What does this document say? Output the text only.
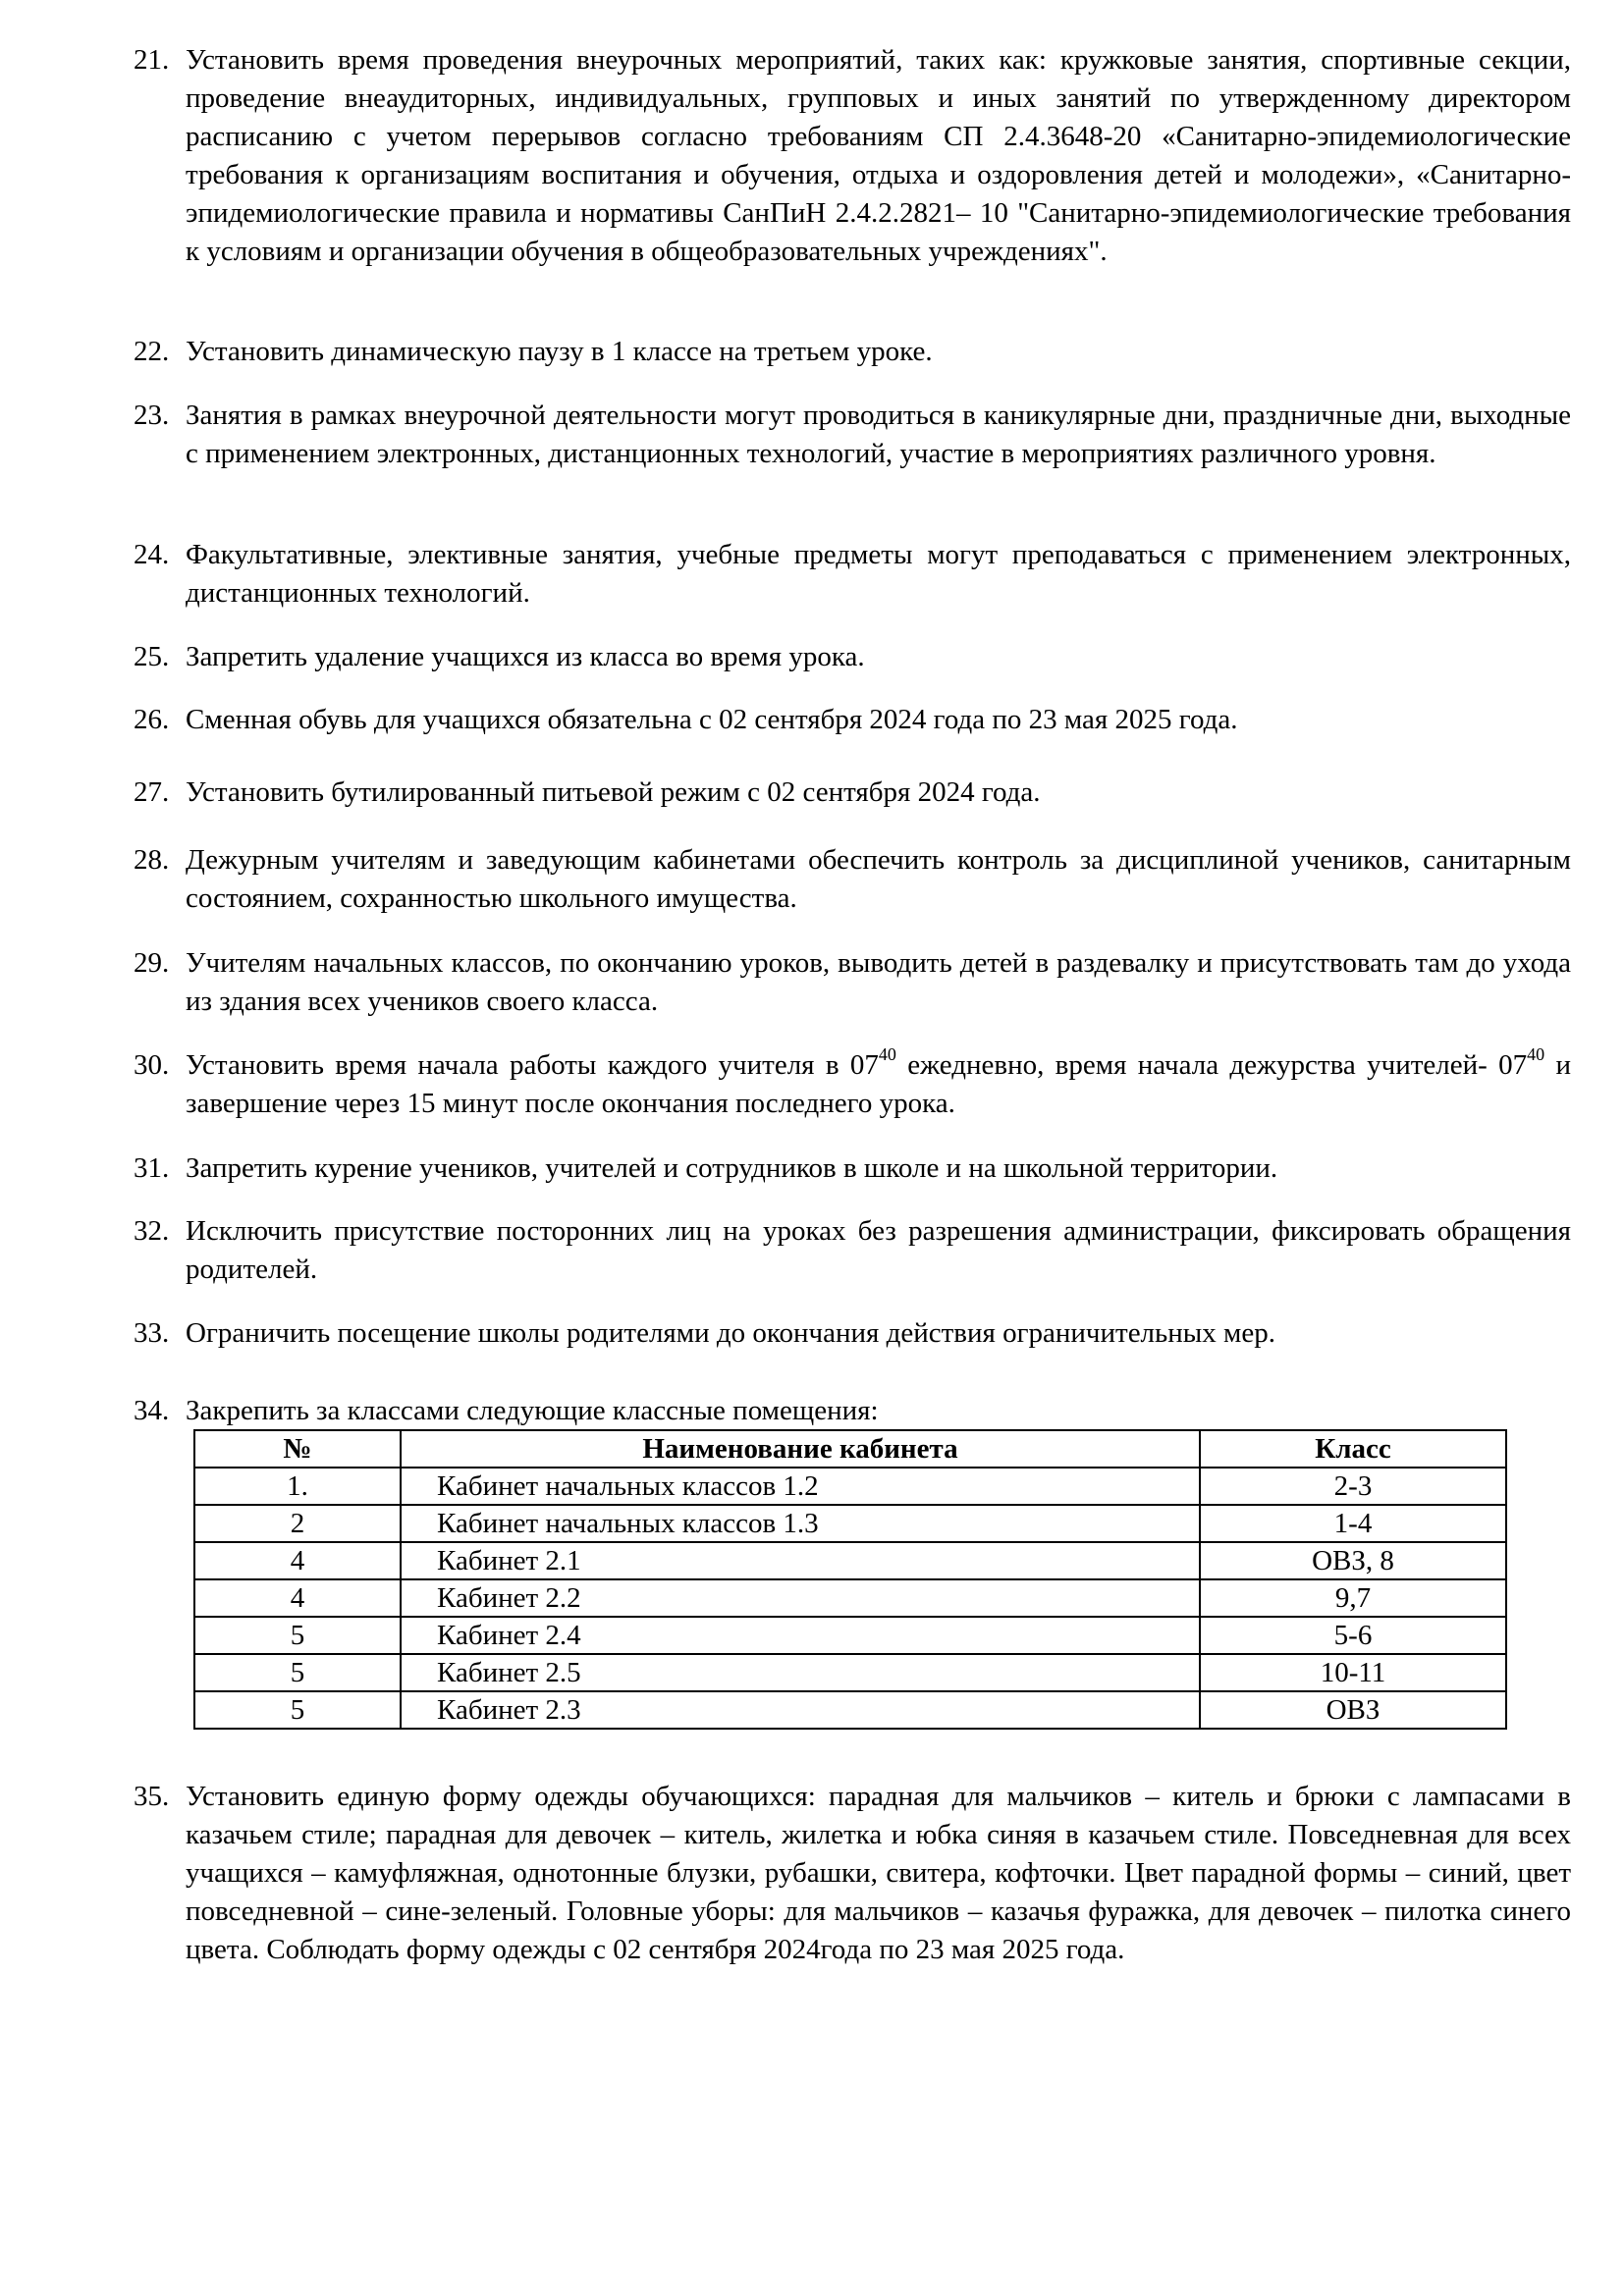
21. Установить время проведения внеурочных мероприятий, таких как: кружковые занятия, спортивные секции, проведение внеаудиторных, индивидуальных, групповых и иных занятий по утвержденному директором расписанию с учетом перерывов согласно требованиям СП 2.4.3648-20 «Санитарно-эпидемиологические требования к организациям воспитания и обучения, отдыха и оздоровления детей и молодежи», «Санитарно-эпидемиологические правила и нормативы СанПиН 2.4.2.2821– 10 "Санитарно-эпидемиологические требования к условиям и организации обучения в общеобразовательных учреждениях".
22. Установить динамическую паузу в 1 классе на третьем уроке.
23. Занятия в рамках внеурочной деятельности могут проводиться в каникулярные дни, праздничные дни, выходные с применением электронных, дистанционных технологий, участие в мероприятиях различного уровня.
24. Факультативные, элективные занятия, учебные предметы могут преподаваться с применением электронных, дистанционных технологий.
25. Запретить удаление учащихся из класса во время урока.
26. Сменная обувь для учащихся обязательна с 02 сентября 2024 года по 23 мая 2025 года.
27. Установить бутилированный питьевой режим с 02 сентября 2024 года.
28. Дежурным учителям и заведующим кабинетами обеспечить контроль за дисциплиной учеников, санитарным состоянием, сохранностью школьного имущества.
29. Учителям начальных классов, по окончанию уроков, выводить детей в раздевалку и присутствовать там до ухода из здания всех учеников своего класса.
30. Установить время начала работы каждого учителя в $07^{40}$ ежедневно, время начала дежурства учителей- $07^{40}$ и завершение через 15 минут после окончания последнего урока.
31. Запретить курение учеников, учителей и сотрудников в школе и на школьной территории.
32. Исключить присутствие посторонних лиц на уроках без разрешения администрации, фиксировать обращения родителей.
33. Ограничить посещение школы родителями до окончания действия ограничительных мер.
34. Закрепить за классами следующие классные помещения:
№	Наименование кабинета	Класс
1.	Кабинет начальных классов 1.2	2-3
2	Кабинет начальных классов 1.3	1-4
4	Кабинет 2.1	ОВЗ, 8
4	Кабинет 2.2	9,7
5	Кабинет 2.4	5-6
5	Кабинет 2.5	10-11
5	Кабинет 2.3	ОВЗ
35. Установить единую форму одежды обучающихся: парадная для мальчиков – китель и брюки с лампасами в казачьем стиле; парадная для девочек – китель, жилетка и юбка синяя в казачьем стиле. Повседневная для всех учащихся – камуфляжная, однотонные блузки, рубашки, свитера, кофточки. Цвет парадной формы – синий, цвет повседневной – сине-зеленый. Головные уборы: для мальчиков – казачья фуражка, для девочек – пилотка синего цвета. Соблюдать форму одежды с 02 сентября 2024года по 23 мая 2025 года.
